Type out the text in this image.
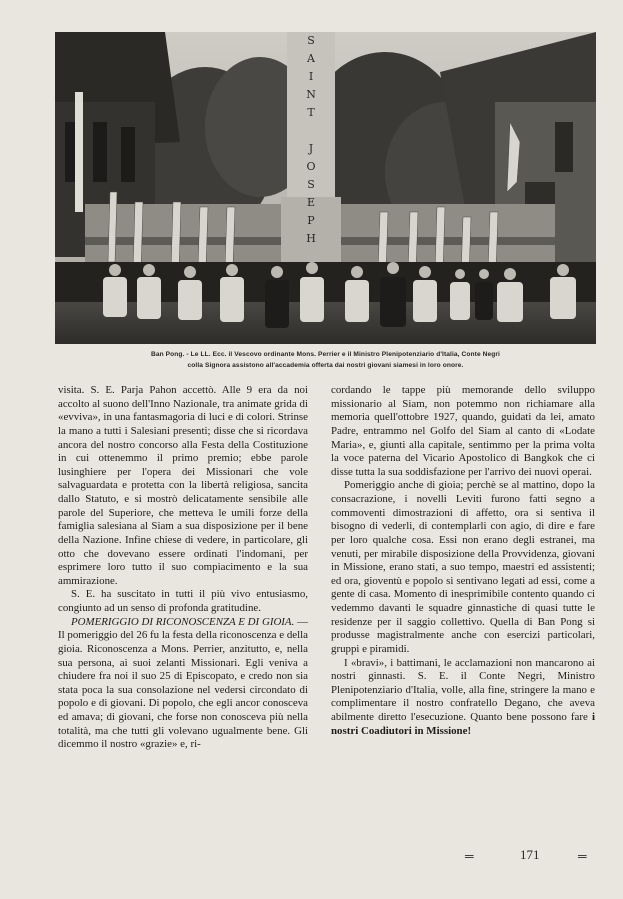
S
A
I
N
T
J
O
S
E
P
H
Ban Pong. - Le LL. Ecc. il Vescovo ordinante Mons. Perrier e il Ministro Plenipotenziario d'Italia, Conte Negri
colla Signora assistono all'accademia offerta dai nostri giovani siamesi in loro onore.

visita. S. E. Parja Pahon accettò. Alle 9 era da noi accolto al suono dell'Inno Nazionale, tra animate grida di «evviva», in una fantasmagoria di luci e di colori. Strinse la mano a tutti i Salesiani presenti; disse che si ricordava ancora del nostro concorso alla Festa della Costituzione in cui ottenemmo il primo premio; ebbe parole lusinghiere per l'opera dei Missionari che vole salvaguardata e protetta con la libertà religiosa, sancita dallo Statuto, e si mostrò delicatamente sensibile alle parole del Superiore, che metteva le umili forze della famiglia salesiana al Siam a sua disposizione per il bene della Nazione. Infine chiese di vedere, in particolare, gli otto che dovevano essere ordinati l'indomani, per esprimere loro tutto il suo compiacimento e la sua ammirazione.

S. E. ha suscitato in tutti il più vivo entusiasmo, congiunto ad un senso di profonda gratitudine.

POMERIGGIO DI RICONOSCENZA E DI GIOIA. — Il pomeriggio del 26 fu la festa della riconoscenza e della gioia. Riconoscenza a Mons. Perrier, anzitutto, e, nella sua persona, ai suoi zelanti Missionari. Egli veniva a chiudere fra noi il suo 25 di Episcopato, e credo non sia stata poca la sua consolazione nel vedersi circondato di popolo e di giovani. Di popolo, che egli ancor conosceva ed amava; di giovani, che forse non conosceva più nella totalità, ma che tutti gli volevano ugualmente bene. Gli dicemmo il nostro «grazie» e, ri-

cordando le tappe più memorande dello sviluppo missionario al Siam, non potemmo non richiamare alla memoria quell'ottobre 1927, quando, guidati da lei, amato Padre, entrammo nel Golfo del Siam al canto di «Lodate Maria», e, giunti alla capitale, sentimmo per la prima volta la voce paterna del Vicario Apostolico di Bangkok che ci disse tutta la sua soddisfazione per l'arrivo dei nuovi operai.

Pomeriggio anche di gioia; perchè se al mattino, dopo la consacrazione, i novelli Leviti furono fatti segno a commoventi dimostrazioni di affetto, ora si sentiva il bisogno di vederli, di contemplarli con agio, di dire e fare per loro qualche cosa. Essi non erano degli estranei, ma venuti, per mirabile disposizione della Provvidenza, giovani in Missione, erano stati, a suo tempo, maestri ed assistenti; ed ora, gioventù e popolo si sentivano legati ad essi, come a gente di casa. Momento di inesprimibile contento quando ci vedemmo davanti le squadre ginnastiche di quasi tutte le residenze per il saggio collettivo. Quella di Ban Pong si produsse magistralmente anche con esercizi particolari, gruppi e piramidi.

I «bravi», i battimani, le acclamazioni non mancarono ai nostri ginnasti. S. E. il Conte Negri, Ministro Plenipotenziario d'Italia, volle, alla fine, stringere la mano e complimentare il nostro confratello Degano, che aveva abilmente diretto l'esecuzione. Quanto bene possono fare i nostri Coadiutori in Missione!

═	171	═
